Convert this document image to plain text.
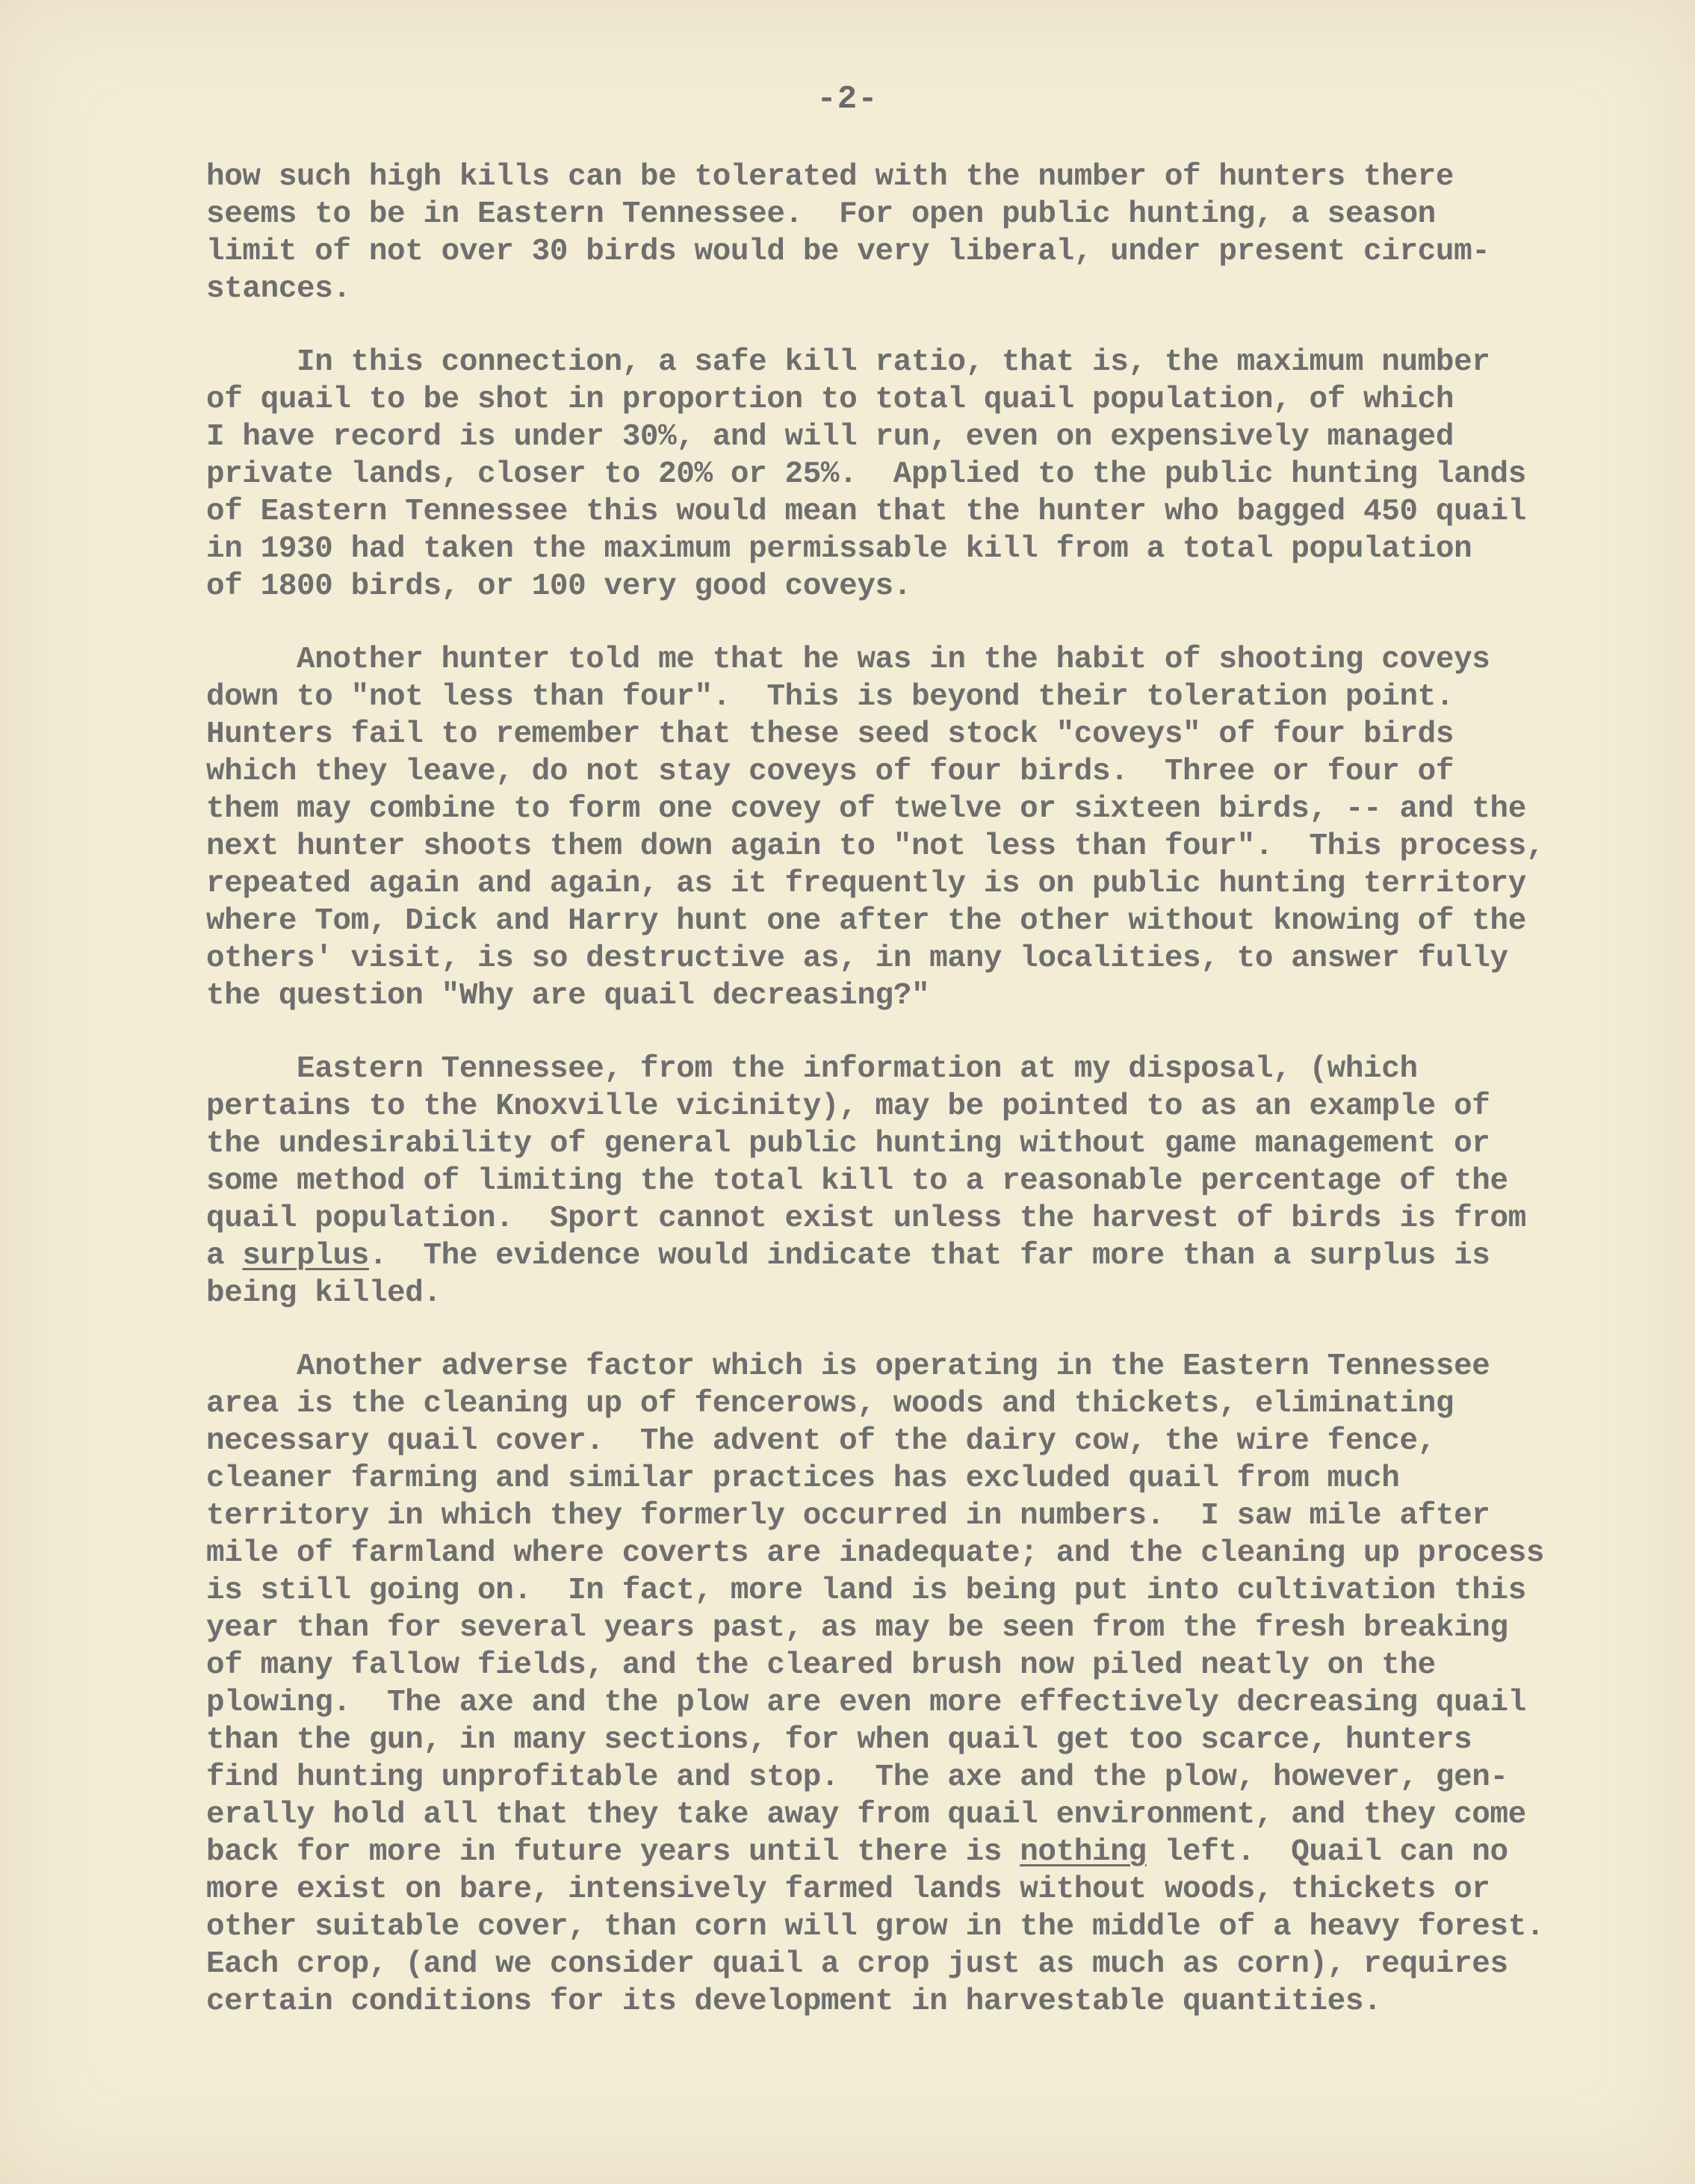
-2-
how such high kills can be tolerated with the number of hunters there
seems to be in Eastern Tennessee.  For open public hunting, a season
limit of not over 30 birds would be very liberal, under present circum-
stances.
In this connection, a safe kill ratio, that is, the maximum number
of quail to be shot in proportion to total quail population, of which
I have record is under 30%, and will run, even on expensively managed
private lands, closer to 20% or 25%.  Applied to the public hunting lands
of Eastern Tennessee this would mean that the hunter who bagged 450 quail
in 1930 had taken the maximum permissable kill from a total population
of 1800 birds, or 100 very good coveys.
Another hunter told me that he was in the habit of shooting coveys
down to "not less than four".  This is beyond their toleration point.
Hunters fail to remember that these seed stock "coveys" of four birds
which they leave, do not stay coveys of four birds.  Three or four of
them may combine to form one covey of twelve or sixteen birds, -- and the
next hunter shoots them down again to "not less than four".  This process,
repeated again and again, as it frequently is on public hunting territory
where Tom, Dick and Harry hunt one after the other without knowing of the
others' visit, is so destructive as, in many localities, to answer fully
the question "Why are quail decreasing?"
Eastern Tennessee, from the information at my disposal, (which
pertains to the Knoxville vicinity), may be pointed to as an example of
the undesirability of general public hunting without game management or
some method of limiting the total kill to a reasonable percentage of the
quail population.  Sport cannot exist unless the harvest of birds is from
a surplus.  The evidence would indicate that far more than a surplus is
being killed.
Another adverse factor which is operating in the Eastern Tennessee
area is the cleaning up of fencerows, woods and thickets, eliminating
necessary quail cover.  The advent of the dairy cow, the wire fence,
cleaner farming and similar practices has excluded quail from much
territory in which they formerly occurred in numbers.  I saw mile after
mile of farmland where coverts are inadequate; and the cleaning up process
is still going on.  In fact, more land is being put into cultivation this
year than for several years past, as may be seen from the fresh breaking
of many fallow fields, and the cleared brush now piled neatly on the
plowing.  The axe and the plow are even more effectively decreasing quail
than the gun, in many sections, for when quail get too scarce, hunters
find hunting unprofitable and stop.  The axe and the plow, however, gen-
erally hold all that they take away from quail environment, and they come
back for more in future years until there is nothing left.  Quail can no
more exist on bare, intensively farmed lands without woods, thickets or
other suitable cover, than corn will grow in the middle of a heavy forest.
Each crop, (and we consider quail a crop just as much as corn), requires
certain conditions for its development in harvestable quantities.
